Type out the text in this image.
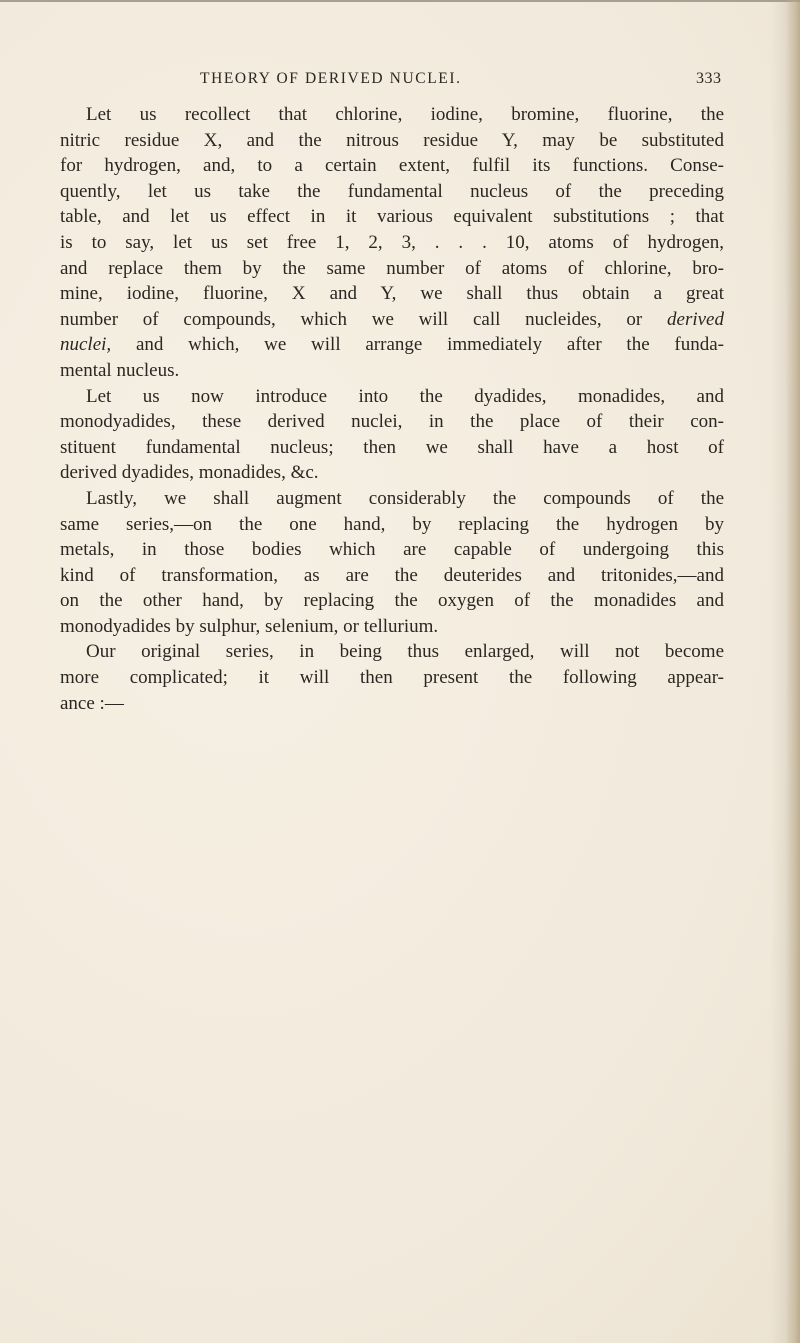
THEORY OF DERIVED NUCLEI.	333
Let us recollect that chlorine, iodine, bromine, fluorine, the
nitric residue X, and the nitrous residue Y, may be substituted
for hydrogen, and, to a certain extent, fulfil its functions. Conse-
quently, let us take the fundamental nucleus of the preceding
table, and let us effect in it various equivalent substitutions ; that
is to say, let us set free 1, 2, 3, . . . 10, atoms of hydrogen,
and replace them by the same number of atoms of chlorine, bro-
mine, iodine, fluorine, X and Y, we shall thus obtain a great
number of compounds, which we will call nucleides, or derived
nuclei, and which, we will arrange immediately after the funda-
mental nucleus.
Let us now introduce into the dyadides, monadides, and
monodyadides, these derived nuclei, in the place of their con-
stituent fundamental nucleus; then we shall have a host of
derived dyadides, monadides, &c.
Lastly, we shall augment considerably the compounds of the
same series,—on the one hand, by replacing the hydrogen by
metals, in those bodies which are capable of undergoing this
kind of transformation, as are the deuterides and tritonides,—and
on the other hand, by replacing the oxygen of the monadides and
monodyadides by sulphur, selenium, or tellurium.
Our original series, in being thus enlarged, will not become
more complicated; it will then present the following appear-
ance :—
